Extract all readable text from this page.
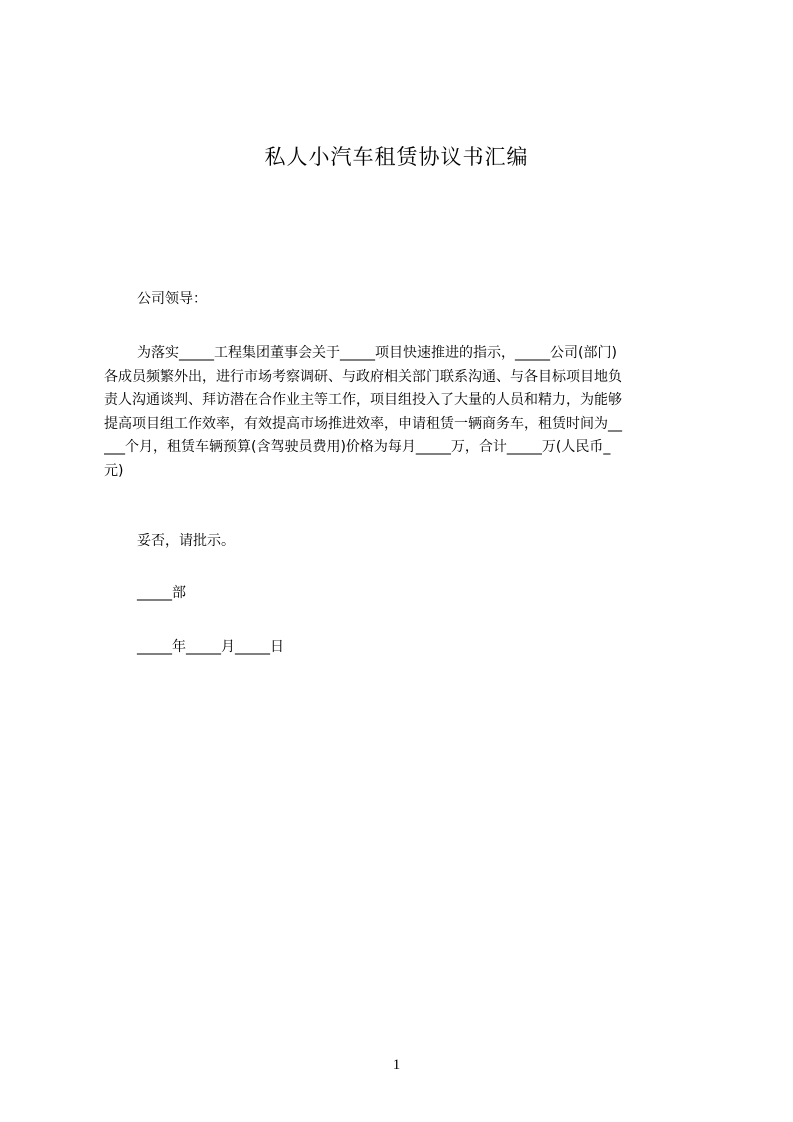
私人小汽车租赁协议书汇编

公司领导：

为落实_____工程集团董事会关于_____项目快速推进的指示，_____公司(部门)
各成员频繁外出，进行市场考察调研、与政府相关部门联系沟通、与各目标项目地负
责人沟通谈判、拜访潜在合作业主等工作，项目组投入了大量的人员和精力，为能够
提高项目组工作效率，有效提高市场推进效率，申请租赁一辆商务车，租赁时间为__
___个月，租赁车辆预算(含驾驶员费用)价格为每月_____万，合计_____万(人民币_
元)

妥否，请批示。

_____部

_____年_____月_____日

1
